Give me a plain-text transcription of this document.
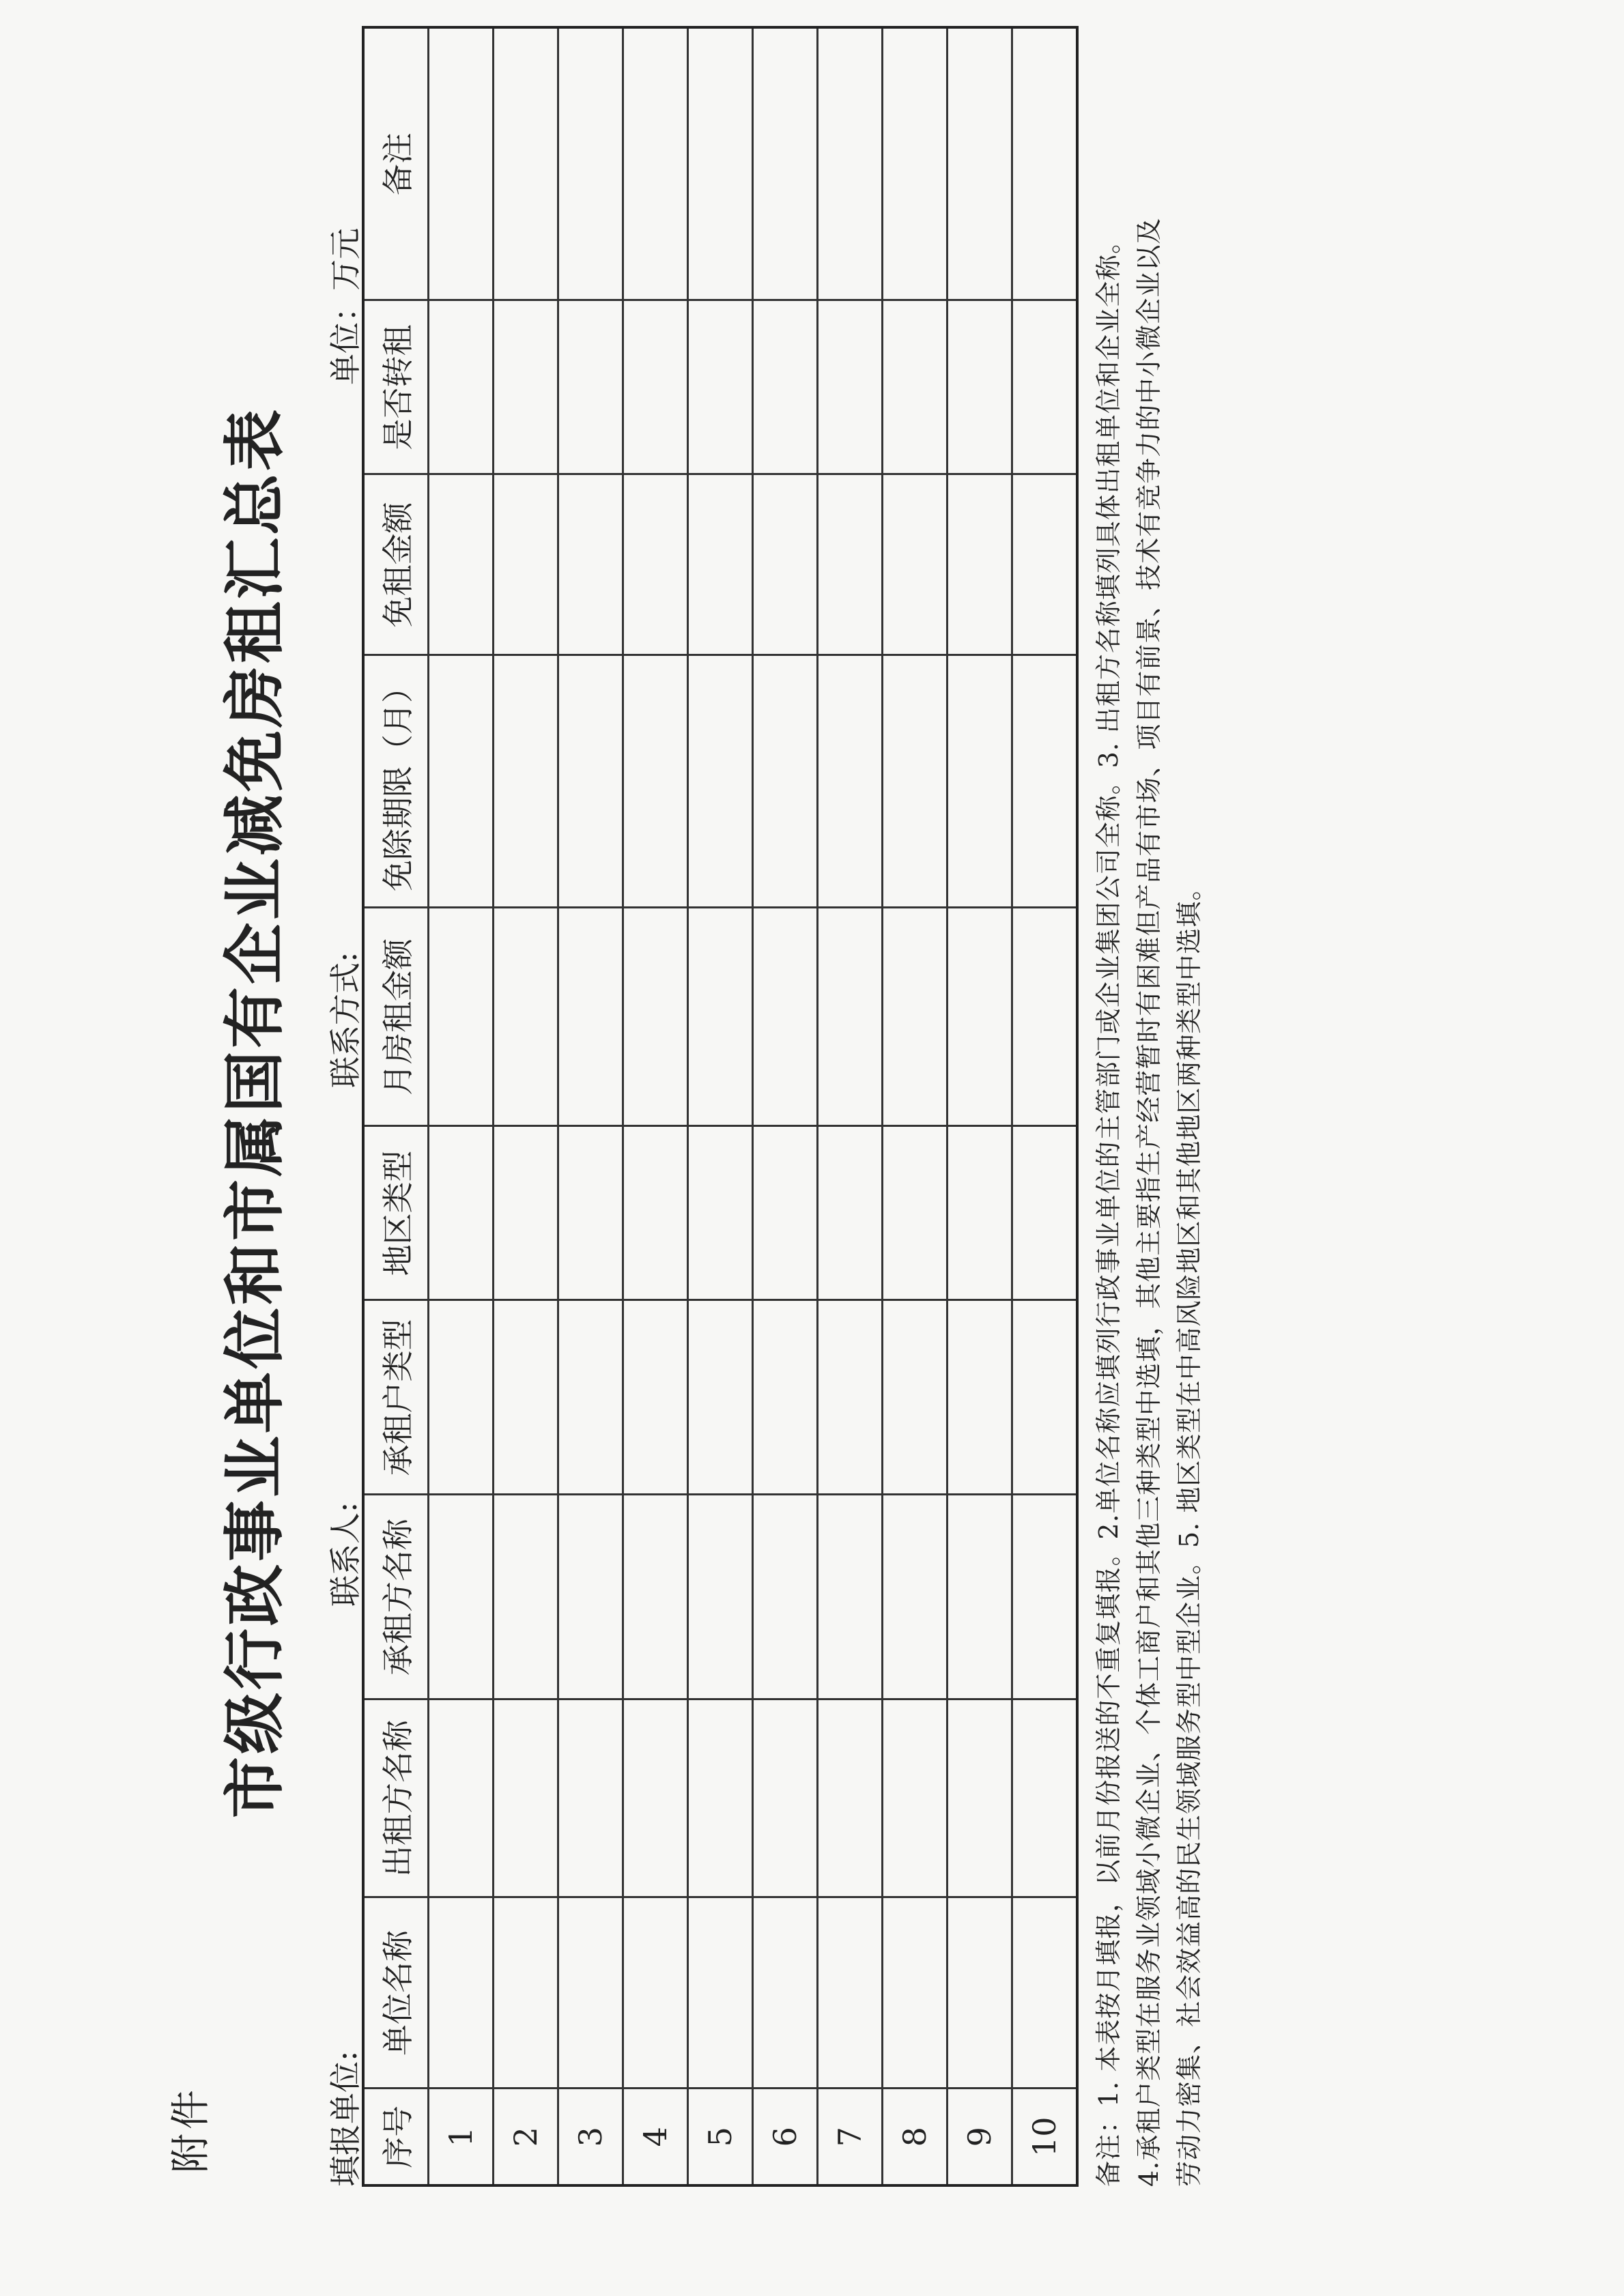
附件
市级行政事业单位和市属国有企业减免房租汇总表
填报单位:
联系人:
联系方式:
单位：万元
序号	单位名称	出租方名称	承租方名称	承租户类型	地区类型	月房租金额	免除期限（月）	免租金额	是否转租	备注
1										
2										
3										
4										
5										
6										
7										
8										
9										
10										备注：1. 本表按月填报，以前月份报送的不重复填报。2.单位名称应填列行政事业单位的主管部门或企业集团公司全称。3. 出租方名称填列具体出租单位和企业全称。 4.承租户类型在服务业领域小微企业、个体工商户和其他三种类型中选填，其他主要指生产经营暂时有困难但产品有市场、项目有前景、技术有竞争力的中小微企业以及 劳动力密集、社会效益高的民生领域服务型中型企业。5. 地区类型在中高风险地区和其他地区两种类型中选填。
